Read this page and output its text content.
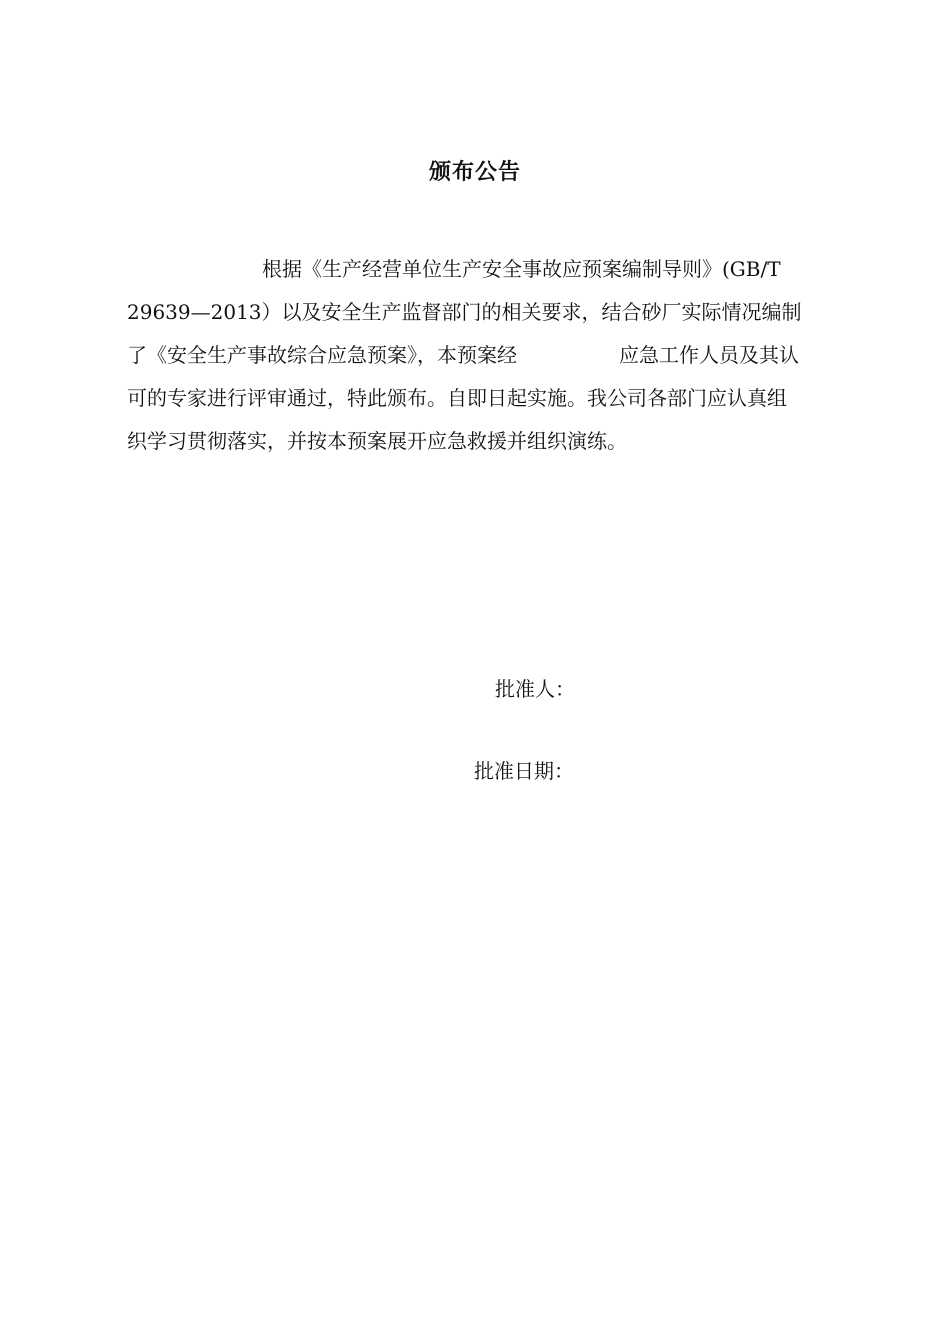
颁布公告
根据《生产经营单位生产安全事故应预案编制导则》(GB/T
29639—2013）以及安全生产监督部门的相关要求，结合砂厂实际情况编制
了《安全生产事故综合应急预案》，本预案经	应急工作人员及其认
可的专家进行评审通过，特此颁布。自即日起实施。我公司各部门应认真组
织学习贯彻落实，并按本预案展开应急救援并组织演练。
批准人：
批准日期：
